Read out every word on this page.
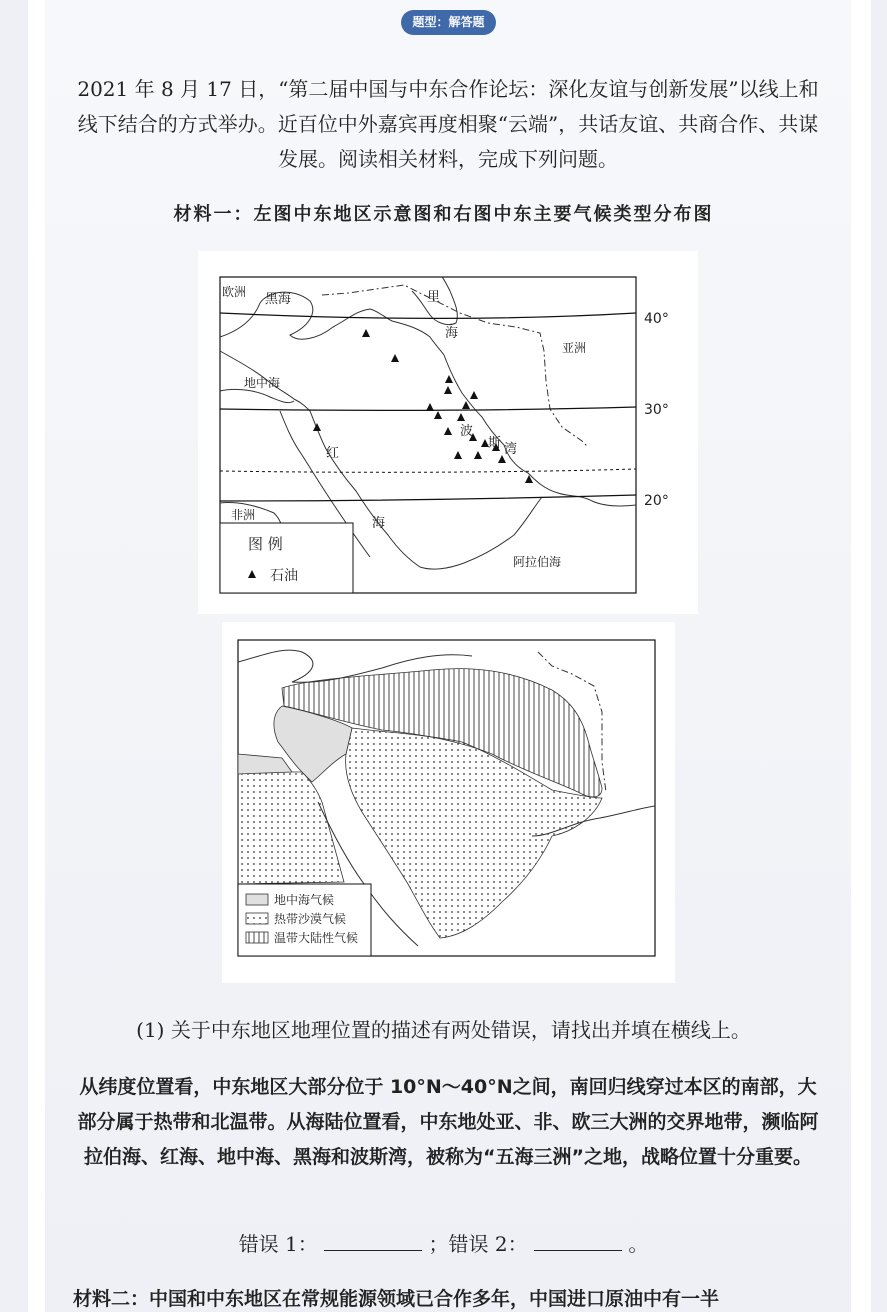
题型：解答题
2021 年 8 月 17 日，“第二届中国与中东合作论坛：深化友谊与创新发展”以线上和线下结合的方式举办。近百位中外嘉宾再度相聚“云端”，共话友谊、共商合作、共谋发展。阅读相关材料，完成下列问题。
材料一：左图中东地区示意图和右图中东主要气候类型分布图
欧洲 黑海	里
海
亚洲
地中海
波
斯 湾
红
海
非洲
阿拉伯海
40°
30°
20°
图 例
石油
地中海气候
热带沙漠气候
温带大陆性气候
(1) 关于中东地区地理位置的描述有两处错误，请找出并填在横线上。
从纬度位置看，中东地区大部分位于 10°N～40°N之间，南回归线穿过本区的南部，大部分属于热带和北温带。从海陆位置看，中东地处亚、非、欧三大洲的交界地带，濒临阿拉伯海、红海、地中海、黑海和波斯湾，被称为“五海三洲”之地，战略位置十分重要。
错误 1：	；错误 2：	。
材料二：中国和中东地区在常规能源领域已合作多年，中国进口原油中有一半
